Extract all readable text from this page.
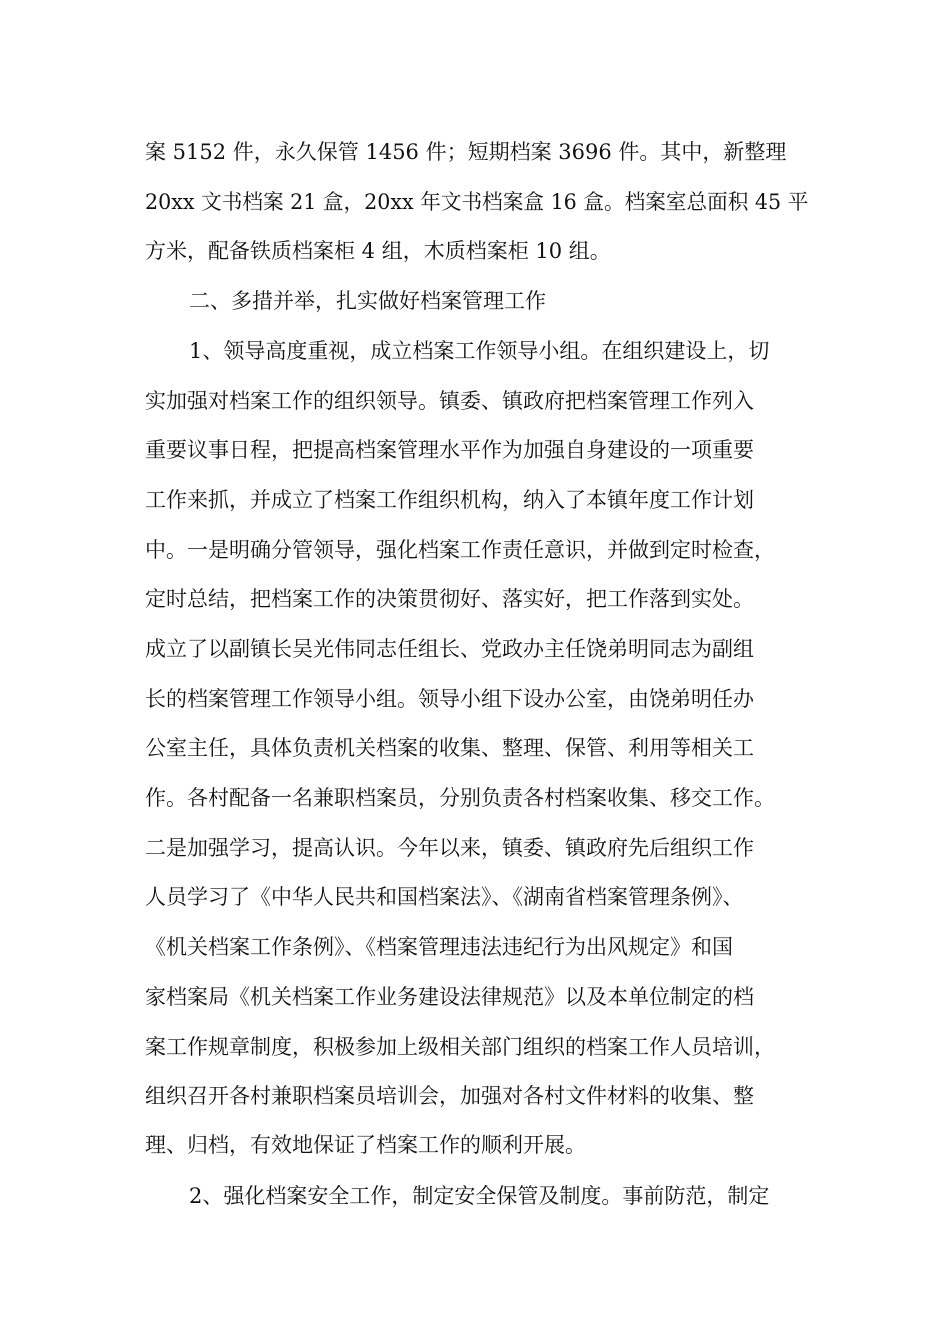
案 5152 件，永久保管 1456 件；短期档案 3696 件。其中，新整理
20xx 文书档案 21 盒，20xx 年文书档案盒 16 盒。档案室总面积 45 平
方米，配备铁质档案柜 4 组，木质档案柜 10 组。
二、多措并举，扎实做好档案管理工作
1、领导高度重视，成立档案工作领导小组。在组织建设上，切
实加强对档案工作的组织领导。镇委、镇政府把档案管理工作列入
重要议事日程，把提高档案管理水平作为加强自身建设的一项重要
工作来抓，并成立了档案工作组织机构，纳入了本镇年度工作计划
中。一是明确分管领导，强化档案工作责任意识，并做到定时检查，
定时总结，把档案工作的决策贯彻好、落实好，把工作落到实处。
成立了以副镇长吴光伟同志任组长、党政办主任饶弟明同志为副组
长的档案管理工作领导小组。领导小组下设办公室，由饶弟明任办
公室主任，具体负责机关档案的收集、整理、保管、利用等相关工
作。各村配备一名兼职档案员，分别负责各村档案收集、移交工作。
二是加强学习，提高认识。今年以来，镇委、镇政府先后组织工作
人员学习了《中华人民共和国档案法》、《湖南省档案管理条例》、
《机关档案工作条例》、《档案管理违法违纪行为出风规定》和国
家档案局《机关档案工作业务建设法律规范》以及本单位制定的档
案工作规章制度，积极参加上级相关部门组织的档案工作人员培训，
组织召开各村兼职档案员培训会，加强对各村文件材料的收集、整
理、归档，有效地保证了档案工作的顺利开展。
2、强化档案安全工作，制定安全保管及制度。事前防范，制定
